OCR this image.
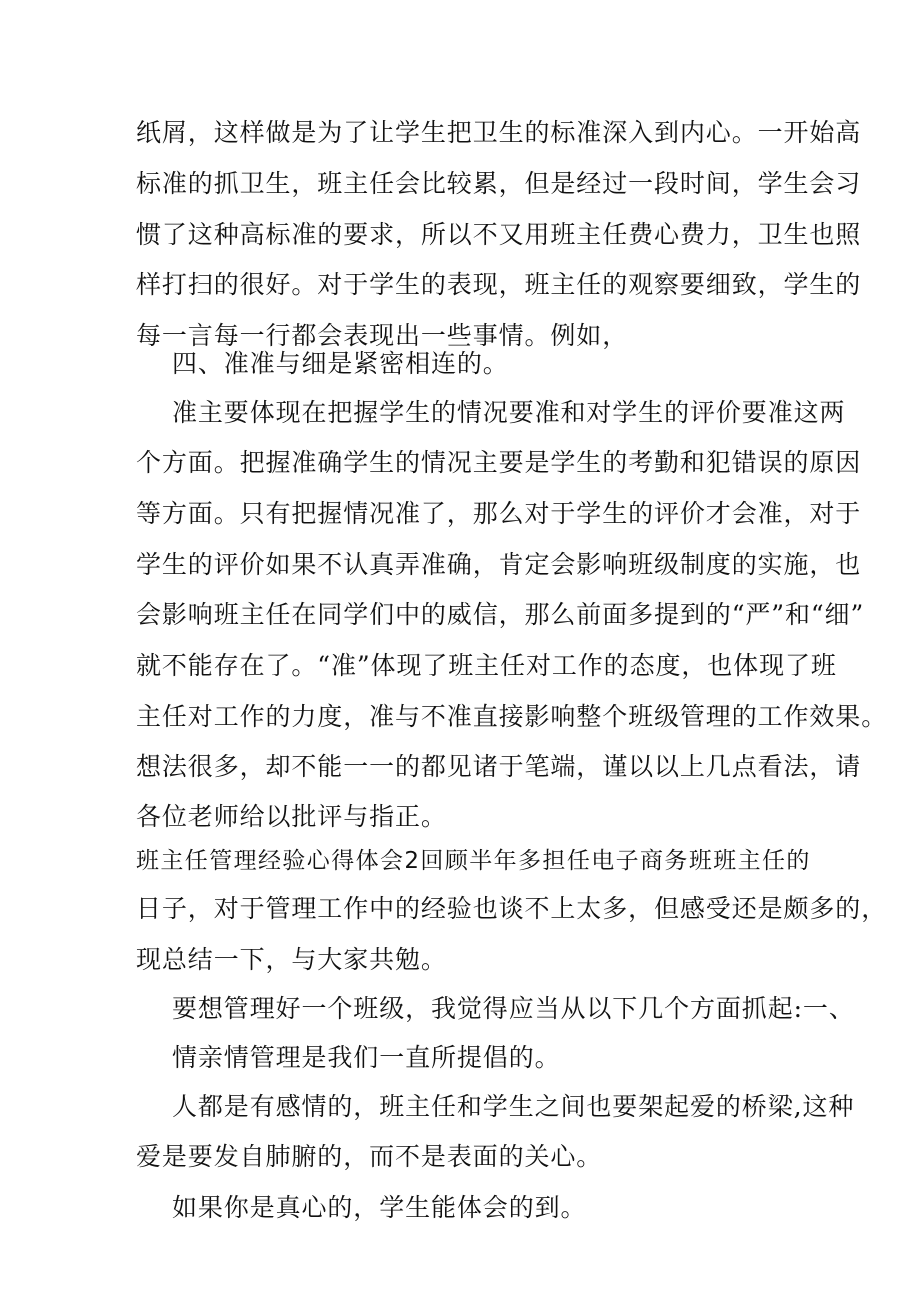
纸屑，这样做是为了让学生把卫生的标准深入到内心。一开始高

标准的抓卫生，班主任会比较累，但是经过一段时间，学生会习

惯了这种高标准的要求，所以不又用班主任费心费力，卫生也照

样打扫的很好。对于学生的表现，班主任的观察要细致，学生的

每一言每一行都会表现出一些事情。例如，

四、准准与细是紧密相连的。

准主要体现在把握学生的情况要准和对学生的评价要准这两

个方面。把握准确学生的情况主要是学生的考勤和犯错误的原因

等方面。只有把握情况准了，那么对于学生的评价才会准，对于

学生的评价如果不认真弄准确，肯定会影响班级制度的实施，也

会影响班主任在同学们中的威信，那么前面多提到的“严”和“细”

就不能存在了。“准”体现了班主任对工作的态度，也体现了班

主任对工作的力度，准与不准直接影响整个班级管理的工作效果。

想法很多，却不能一一的都见诸于笔端，谨以以上几点看法，请

各位老师给以批评与指正。

班主任管理经验心得体会2回顾半年多担任电子商务班班主任的

日子，对于管理工作中的经验也谈不上太多，但感受还是颇多的，

现总结一下，与大家共勉。

要想管理好一个班级，我觉得应当从以下几个方面抓起:一、

情亲情管理是我们一直所提倡的。

人都是有感情的，班主任和学生之间也要架起爱的桥梁,这种

爱是要发自肺腑的，而不是表面的关心。

如果你是真心的，学生能体会的到。
